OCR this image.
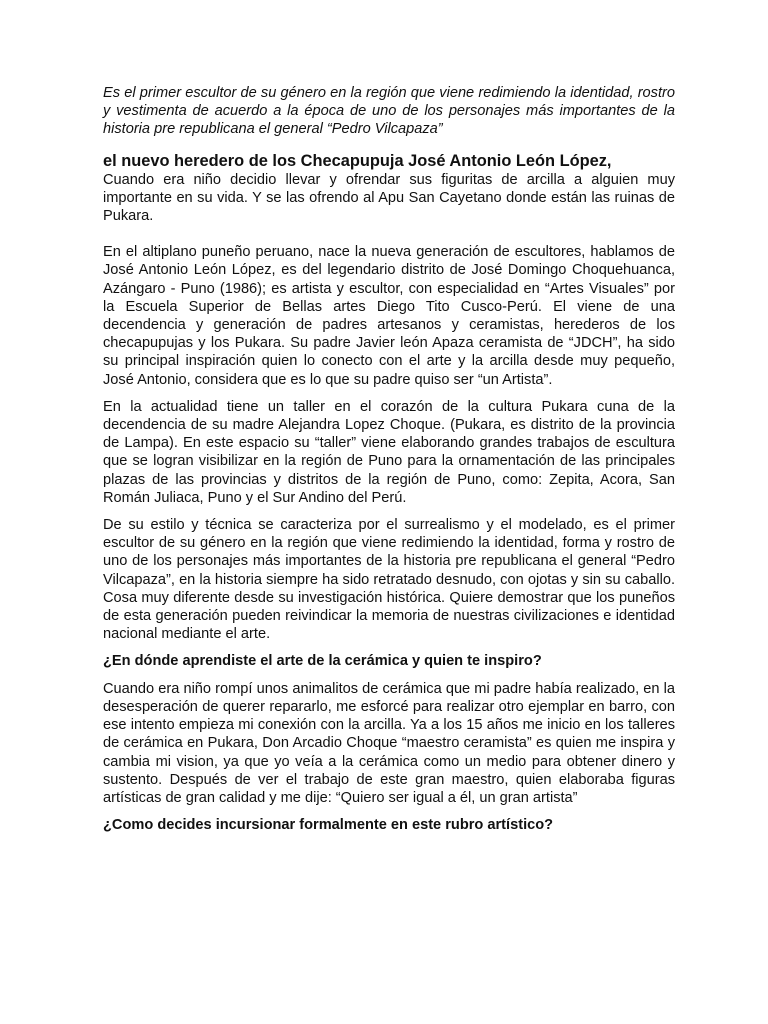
Es el primer escultor de su género en la región que viene redimiendo la identidad, rostro y vestimenta de acuerdo a la época de uno de los personajes más importantes de la historia pre republicana el general “Pedro Vilcapaza”

el nuevo heredero de los Checapupuja José Antonio León López,

Cuando era niño decidio llevar y ofrendar sus figuritas de arcilla a alguien muy importante en su vida. Y se las ofrendo al Apu San Cayetano donde están las ruinas de Pukara.

En el altiplano puneño peruano, nace la nueva generación de escultores, hablamos de José Antonio León López, es del legendario distrito de José Domingo Choquehuanca, Azángaro - Puno (1986); es artista y escultor, con especialidad en “Artes Visuales” por la Escuela Superior de Bellas artes Diego Tito Cusco-Perú. El viene de una decendencia y generación de padres artesanos y ceramistas, herederos de los checapupujas y los Pukara. Su padre Javier león Apaza ceramista de “JDCH”, ha sido su principal inspiración quien lo conecto con el arte y la arcilla desde muy pequeño, José Antonio, considera que es lo que su padre quiso ser “un Artista”.

En la actualidad tiene un taller en el corazón de la cultura Pukara cuna de la decendencia de su madre Alejandra Lopez Choque. (Pukara, es distrito de la provincia de Lampa). En este espacio su “taller” viene elaborando grandes trabajos de escultura que se logran visibilizar en la región de Puno para la ornamentación de las principales plazas de las provincias y distritos de la región de Puno, como: Zepita, Acora, San Román Juliaca, Puno y el Sur Andino del Perú.

De su estilo y técnica se caracteriza por el surrealismo y el modelado, es el primer escultor de su género en la región que viene redimiendo la identidad, forma y rostro de uno de los personajes más importantes de la historia pre republicana el general “Pedro Vilcapaza”, en la historia siempre ha sido retratado desnudo, con ojotas y sin su caballo. Cosa muy diferente desde su investigación histórica. Quiere demostrar que los puneños de esta generación pueden reivindicar la memoria de nuestras civilizaciones e identidad nacional mediante el arte.

¿En dónde aprendiste el arte de la cerámica y quien te inspiro?

Cuando era niño rompí unos animalitos de cerámica que mi padre había realizado, en la desesperación de querer repararlo, me esforcé para realizar otro ejemplar en barro, con ese intento empieza mi conexión con la arcilla. Ya a los 15 años me inicio en los talleres de cerámica en Pukara, Don Arcadio Choque “maestro ceramista” es quien me inspira y cambia mi vision, ya que yo veía a la cerámica como un medio para obtener dinero y sustento. Después de ver el trabajo de este gran maestro, quien elaboraba figuras artísticas de gran calidad y me dije: “Quiero ser igual a él, un gran artista”

¿Como decides incursionar formalmente en este rubro artístico?
